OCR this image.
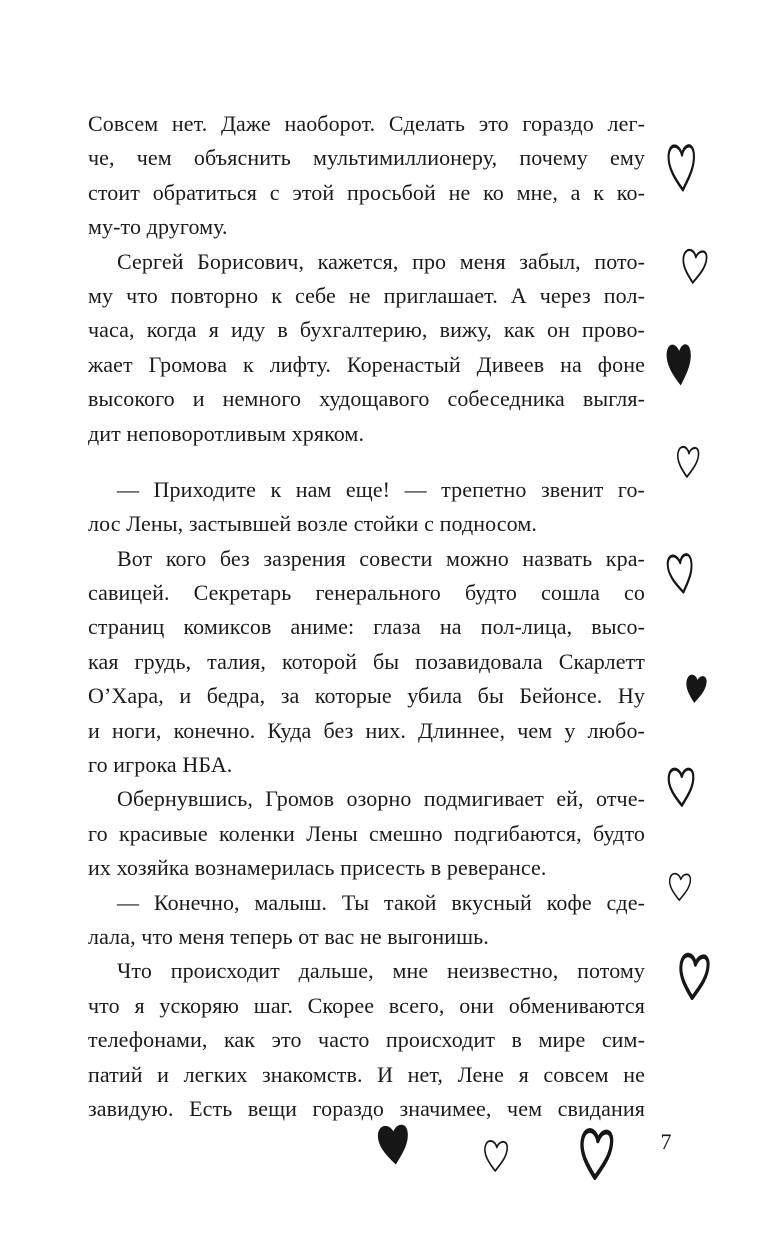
Совсем нет. Даже наоборот. Сделать это гораздо лег-
че, чем объяснить мультимиллионеру, почему ему
стоит обратиться с этой просьбой не ко мне, а к ко-
му-то другому.
Сергей Борисович, кажется, про меня забыл, пото-
му что повторно к себе не приглашает. А через пол-
часа, когда я иду в бухгалтерию, вижу, как он прово-
жает Громова к лифту. Коренастый Дивеев на фоне
высокого и немного худощавого собеседника выгля-
дит неповоротливым хряком.
— Приходите к нам еще! — трепетно звенит го-
лос Лены, застывшей возле стойки с подносом.
Вот кого без зазрения совести можно назвать кра-
савицей. Секретарь генерального будто сошла со
страниц комиксов аниме: глаза на пол-лица, высо-
кая грудь, талия, которой бы позавидовала Скарлетт
О’Хара, и бедра, за которые убила бы Бейонсе. Ну
и ноги, конечно. Куда без них. Длиннее, чем у любо-
го игрока НБА.
Обернувшись, Громов озорно подмигивает ей, отче-
го красивые коленки Лены смешно подгибаются, будто
их хозяйка вознамерилась присесть в реверансе.
— Конечно, малыш. Ты такой вкусный кофе сде-
лала, что меня теперь от вас не выгонишь.
Что происходит дальше, мне неизвестно, потому
что я ускоряю шаг. Скорее всего, они обмениваются
телефонами, как это часто происходит в мире сим-
патий и легких знакомств. И нет, Лене я совсем не
завидую. Есть вещи гораздо значимее, чем свидания
7
